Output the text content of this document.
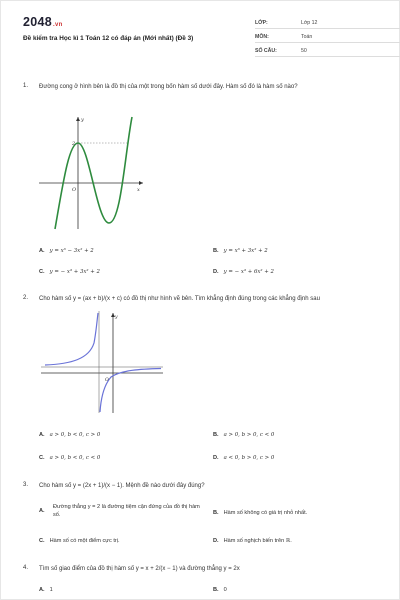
2048.vn
Đề kiểm tra Học kì 1 Toán 12 có đáp án (Mới nhất) (Đề 3)
LỚP:	Lớp 12
MÔN:	Toán
SỐ CÂU:	50
1. Đường cong ở hình bên là đồ thị của một trong bốn hàm số dưới đây. Hàm số đó là hàm số nào?
y
x
O
2
A. y = x³ − 3x² + 2	B. y = x³ + 3x² + 2
C. y = − x³ + 3x² + 2	D. y = − x³ + 6x² + 2
2. Cho hàm số y = (ax + b)/(x + c) có đồ thị như hình vẽ bên. Tìm khẳng định đúng trong các khẳng định sau
y
O
A. a > 0, b < 0, c > 0	B. a > 0, b > 0, c < 0
C. a > 0, b < 0, c < 0	D. a < 0, b > 0, c > 0
3. Cho hàm số y = (2x + 1)/(x − 1). Mệnh đề nào dưới đây đúng?
A.
Đường thẳng y = 2 là đường tiệm cận đứng của đồ thị hàm số.	B. Hàm số không có giá trị nhỏ nhất.
C. Hàm số có một điểm cực trị.	D. Hàm số nghịch biến trên ℝ.
4. Tìm số giao điểm của đồ thị hàm số y = x + 2/(x − 1) và đường thẳng y = 2x
A. 1	B. 0
